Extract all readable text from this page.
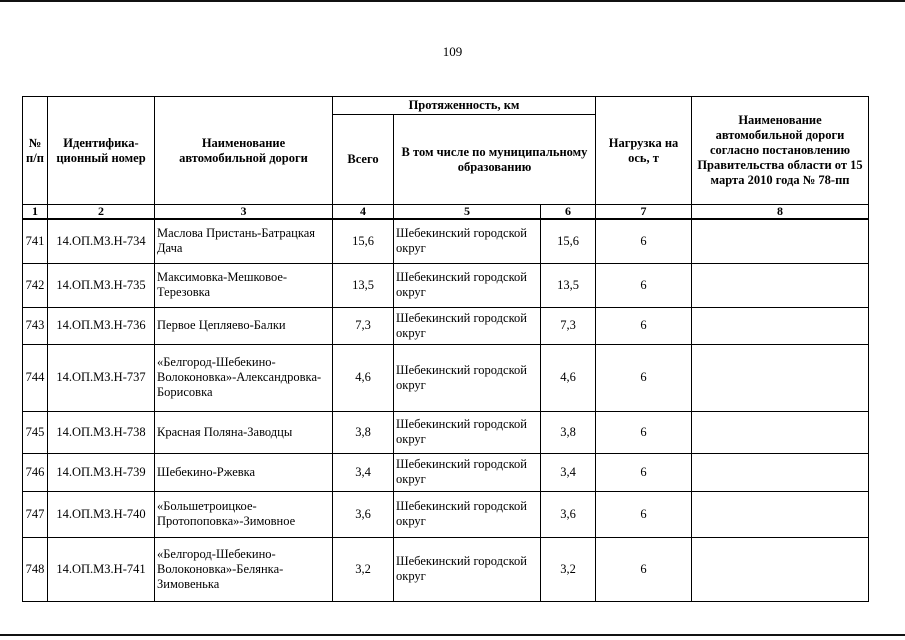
109
№ п/п	Идентифика-ционный номер	Наименование автомобильной дороги	Протяженность, км			Нагрузка на ось, т	Наименование автомобильной дороги согласно постановлению Правительства области от 15 марта 2010 года № 78-пп
			Всего	В том числе по муниципальному образованию			
1	2	3	4	5	6	7	8
741	14.ОП.МЗ.Н-734	Маслова Пристань-Батрацкая Дача	15,6	Шебекинский городской округ	15,6	6	
742	14.ОП.МЗ.Н-735	Максимовка-Мешковое-Терезовка	13,5	Шебекинский городской округ	13,5	6	
743	14.ОП.МЗ.Н-736	Первое Цепляево-Балки	7,3	Шебекинский городской округ	7,3	6	
744	14.ОП.МЗ.Н-737	«Белгород-Шебекино-Волоконовка»-Александровка-Борисовка	4,6	Шебекинский городской округ	4,6	6	
745	14.ОП.МЗ.Н-738	Красная Поляна-Заводцы	3,8	Шебекинский городской округ	3,8	6	
746	14.ОП.МЗ.Н-739	Шебекино-Ржевка	3,4	Шебекинский городской округ	3,4	6	
747	14.ОП.МЗ.Н-740	«Большетроицкое-Протопоповка»-Зимовное	3,6	Шебекинский городской округ	3,6	6	
748	14.ОП.МЗ.Н-741	«Белгород-Шебекино-Волоконовка»-Белянка-Зимовенька	3,2	Шебекинский городской округ	3,2	6	
